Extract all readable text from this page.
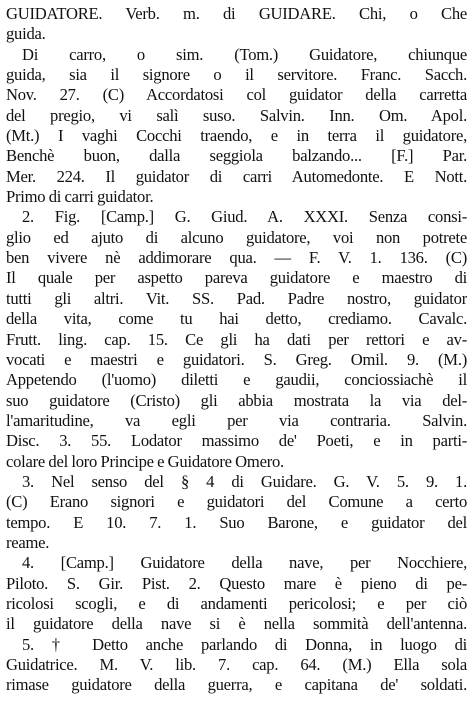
GUIDATORE. Verb. m. di GUIDARE. Chi, o Che
guida.
Di carro, o sim. (Tom.) Guidatore, chiunque
guida, sia il signore o il servitore. Franc. Sacch.
Nov. 27. (C) Accordatosi col guidator della carretta
del pregio, vi salì suso. Salvin. Inn. Om. Apol.
(Mt.) I vaghi Cocchi traendo, e in terra il guidatore,
Benchè buon, dalla seggiola balzando... [F.] Par.
Mer. 224. Il guidator di carri Automedonte. E Nott.
Primo di carri guidator.
2. Fig. [Camp.] G. Giud. A. XXXI. Senza consi-
glio ed ajuto di alcuno guidatore, voi non potrete
ben vivere nè addimorare qua. — F. V. 1. 136. (C)
Il quale per aspetto pareva guidatore e maestro di
tutti gli altri. Vit. SS. Pad. Padre nostro, guidator
della vita, come tu hai detto, crediamo. Cavalc.
Frutt. ling. cap. 15. Ce gli ha dati per rettori e av-
vocati e maestri e guidatori. S. Greg. Omil. 9. (M.)
Appetendo (l'uomo) diletti e gaudii, conciossiachè il
suo guidatore (Cristo) gli abbia mostrata la via del-
l'amaritudine, va egli per via contraria. Salvin.
Disc. 3. 55. Lodator massimo de' Poeti, e in parti-
colare del loro Principe e Guidatore Omero.
3. Nel senso del § 4 di Guidare. G. V. 5. 9. 1.
(C) Erano signori e guidatori del Comune a certo
tempo. E 10. 7. 1. Suo Barone, e guidator del
reame.
4. [Camp.] Guidatore della nave, per Nocchiere,
Piloto. S. Gir. Pist. 2. Questo mare è pieno di pe-
ricolosi scogli, e di andamenti pericolosi; e per ciò
il guidatore della nave si è nella sommità dell'antenna.
5. † Detto anche parlando di Donna, in luogo di
Guidatrice. M. V. lib. 7. cap. 64. (M.) Ella sola
rimase guidatore della guerra, e capitana de' soldati.
